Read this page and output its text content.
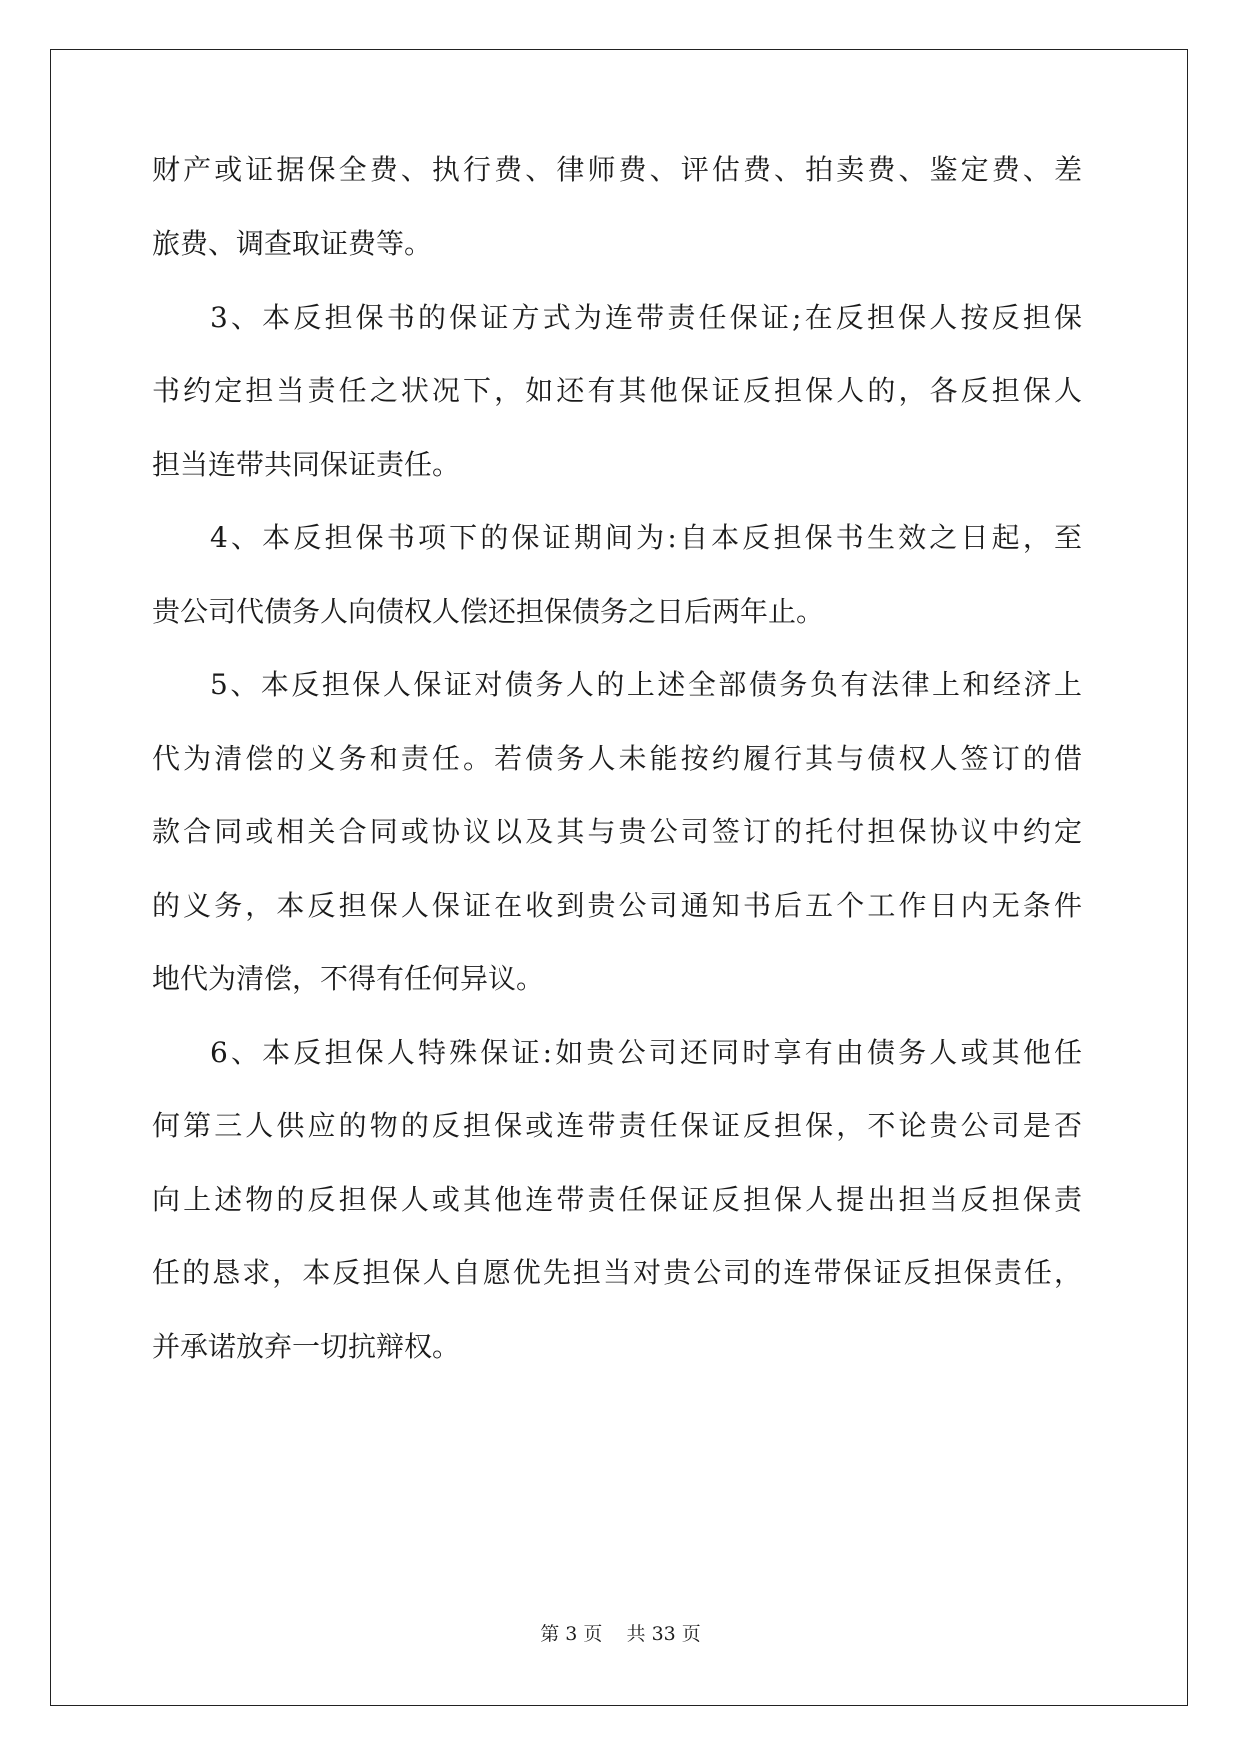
财产或证据保全费、执行费、律师费、评估费、拍卖费、鉴定费、差
旅费、调查取证费等。
3、本反担保书的保证方式为连带责任保证;在反担保人按反担保
书约定担当责任之状况下，如还有其他保证反担保人的，各反担保人
担当连带共同保证责任。
4、本反担保书项下的保证期间为:自本反担保书生效之日起，至
贵公司代债务人向债权人偿还担保债务之日后两年止。
5、本反担保人保证对债务人的上述全部债务负有法律上和经济上
代为清偿的义务和责任。若债务人未能按约履行其与债权人签订的借
款合同或相关合同或协议以及其与贵公司签订的托付担保协议中约定
的义务，本反担保人保证在收到贵公司通知书后五个工作日内无条件
地代为清偿，不得有任何异议。
6、本反担保人特殊保证:如贵公司还同时享有由债务人或其他任
何第三人供应的物的反担保或连带责任保证反担保，不论贵公司是否
向上述物的反担保人或其他连带责任保证反担保人提出担当反担保责
任的恳求，本反担保人自愿优先担当对贵公司的连带保证反担保责任，
并承诺放弃一切抗辩权。
第 3 页    共 33 页
